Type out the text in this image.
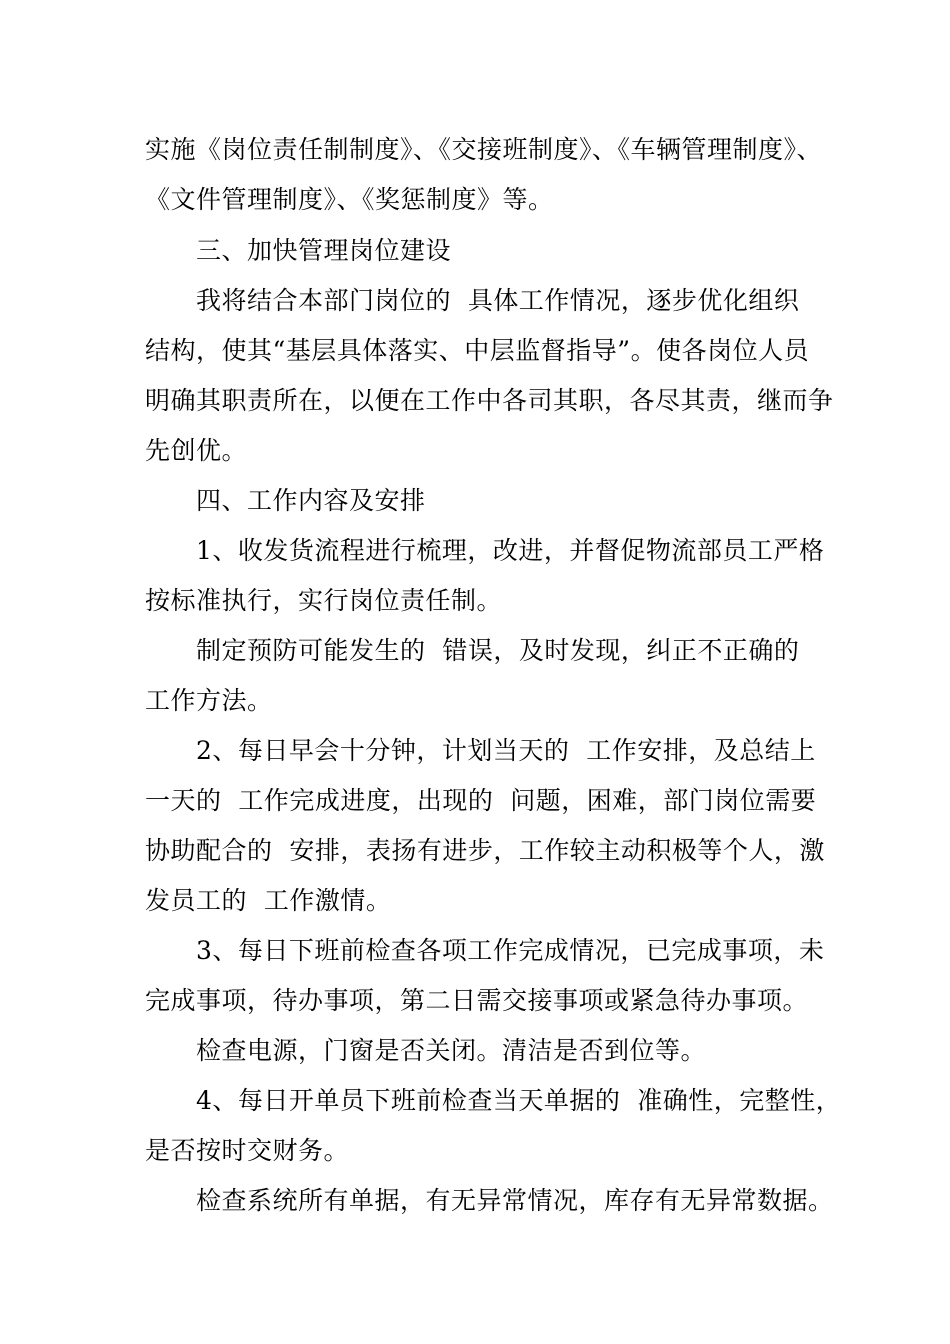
实施《岗位责任制制度》、《交接班制度》、《车辆管理制度》、
《文件管理制度》、《奖惩制度》等。
三、加快管理岗位建设
我将结合本部门岗位的  具体工作情况，逐步优化组织
结构，使其“基层具体落实、中层监督指导”。使各岗位人员
明确其职责所在，以便在工作中各司其职，各尽其责，继而争
先创优。
四、工作内容及安排
1、收发货流程进行梳理，改进，并督促物流部员工严格
按标准执行，实行岗位责任制。
制定预防可能发生的  错误，及时发现，纠正不正确的
工作方法。
2、每日早会十分钟，计划当天的  工作安排，及总结上
一天的  工作完成进度，出现的  问题，困难，部门岗位需要
协助配合的  安排，表扬有进步，工作较主动积极等个人，激
发员工的  工作激情。
3、每日下班前检查各项工作完成情况，已完成事项，未
完成事项，待办事项，第二日需交接事项或紧急待办事项。
检查电源，门窗是否关闭。清洁是否到位等。
4、每日开单员下班前检查当天单据的  准确性，完整性，
是否按时交财务。
检查系统所有单据，有无异常情况，库存有无异常数据。
